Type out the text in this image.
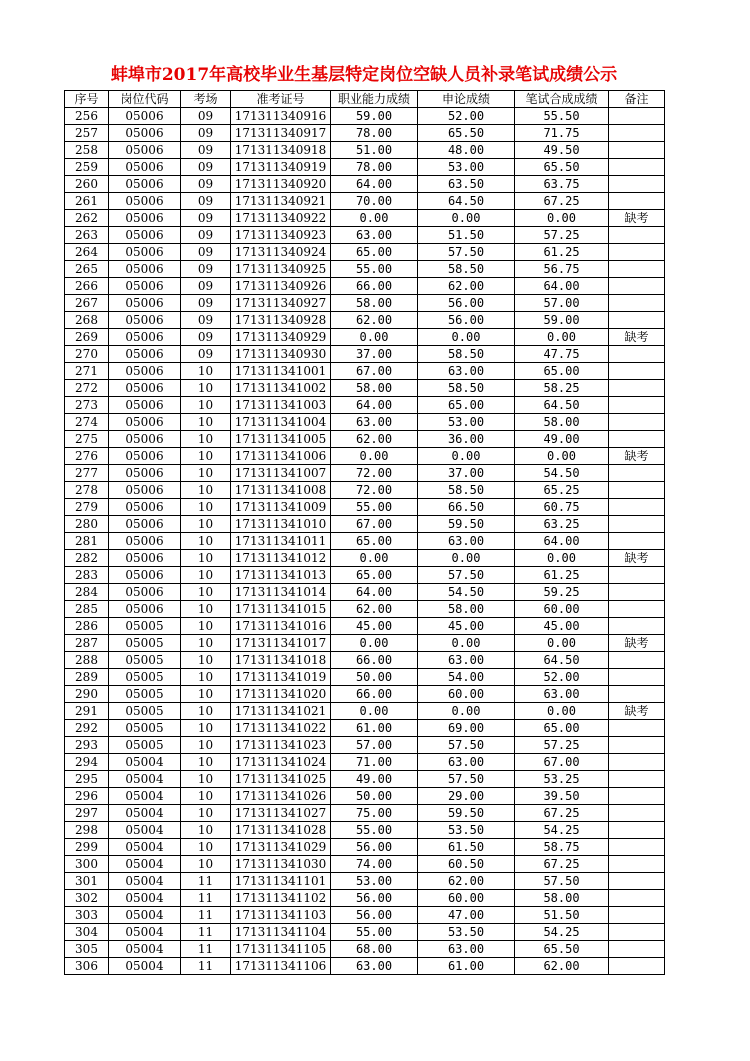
蚌埠市2017年高校毕业生基层特定岗位空缺人员补录笔试成绩公示
序号	岗位代码	考场	准考证号	职业能力成绩	申论成绩	笔试合成成绩	备注
256	05006	09	171311340916	59.00	52.00	55.50	
257	05006	09	171311340917	78.00	65.50	71.75	
258	05006	09	171311340918	51.00	48.00	49.50	
259	05006	09	171311340919	78.00	53.00	65.50	
260	05006	09	171311340920	64.00	63.50	63.75	
261	05006	09	171311340921	70.00	64.50	67.25	
262	05006	09	171311340922	0.00	0.00	0.00	缺考
263	05006	09	171311340923	63.00	51.50	57.25	
264	05006	09	171311340924	65.00	57.50	61.25	
265	05006	09	171311340925	55.00	58.50	56.75	
266	05006	09	171311340926	66.00	62.00	64.00	
267	05006	09	171311340927	58.00	56.00	57.00	
268	05006	09	171311340928	62.00	56.00	59.00	
269	05006	09	171311340929	0.00	0.00	0.00	缺考
270	05006	09	171311340930	37.00	58.50	47.75	
271	05006	10	171311341001	67.00	63.00	65.00	
272	05006	10	171311341002	58.00	58.50	58.25	
273	05006	10	171311341003	64.00	65.00	64.50	
274	05006	10	171311341004	63.00	53.00	58.00	
275	05006	10	171311341005	62.00	36.00	49.00	
276	05006	10	171311341006	0.00	0.00	0.00	缺考
277	05006	10	171311341007	72.00	37.00	54.50	
278	05006	10	171311341008	72.00	58.50	65.25	
279	05006	10	171311341009	55.00	66.50	60.75	
280	05006	10	171311341010	67.00	59.50	63.25	
281	05006	10	171311341011	65.00	63.00	64.00	
282	05006	10	171311341012	0.00	0.00	0.00	缺考
283	05006	10	171311341013	65.00	57.50	61.25	
284	05006	10	171311341014	64.00	54.50	59.25	
285	05006	10	171311341015	62.00	58.00	60.00	
286	05005	10	171311341016	45.00	45.00	45.00	
287	05005	10	171311341017	0.00	0.00	0.00	缺考
288	05005	10	171311341018	66.00	63.00	64.50	
289	05005	10	171311341019	50.00	54.00	52.00	
290	05005	10	171311341020	66.00	60.00	63.00	
291	05005	10	171311341021	0.00	0.00	0.00	缺考
292	05005	10	171311341022	61.00	69.00	65.00	
293	05005	10	171311341023	57.00	57.50	57.25	
294	05004	10	171311341024	71.00	63.00	67.00	
295	05004	10	171311341025	49.00	57.50	53.25	
296	05004	10	171311341026	50.00	29.00	39.50	
297	05004	10	171311341027	75.00	59.50	67.25	
298	05004	10	171311341028	55.00	53.50	54.25	
299	05004	10	171311341029	56.00	61.50	58.75	
300	05004	10	171311341030	74.00	60.50	67.25	
301	05004	11	171311341101	53.00	62.00	57.50	
302	05004	11	171311341102	56.00	60.00	58.00	
303	05004	11	171311341103	56.00	47.00	51.50	
304	05004	11	171311341104	55.00	53.50	54.25	
305	05004	11	171311341105	68.00	63.00	65.50	
306	05004	11	171311341106	63.00	61.00	62.00	
